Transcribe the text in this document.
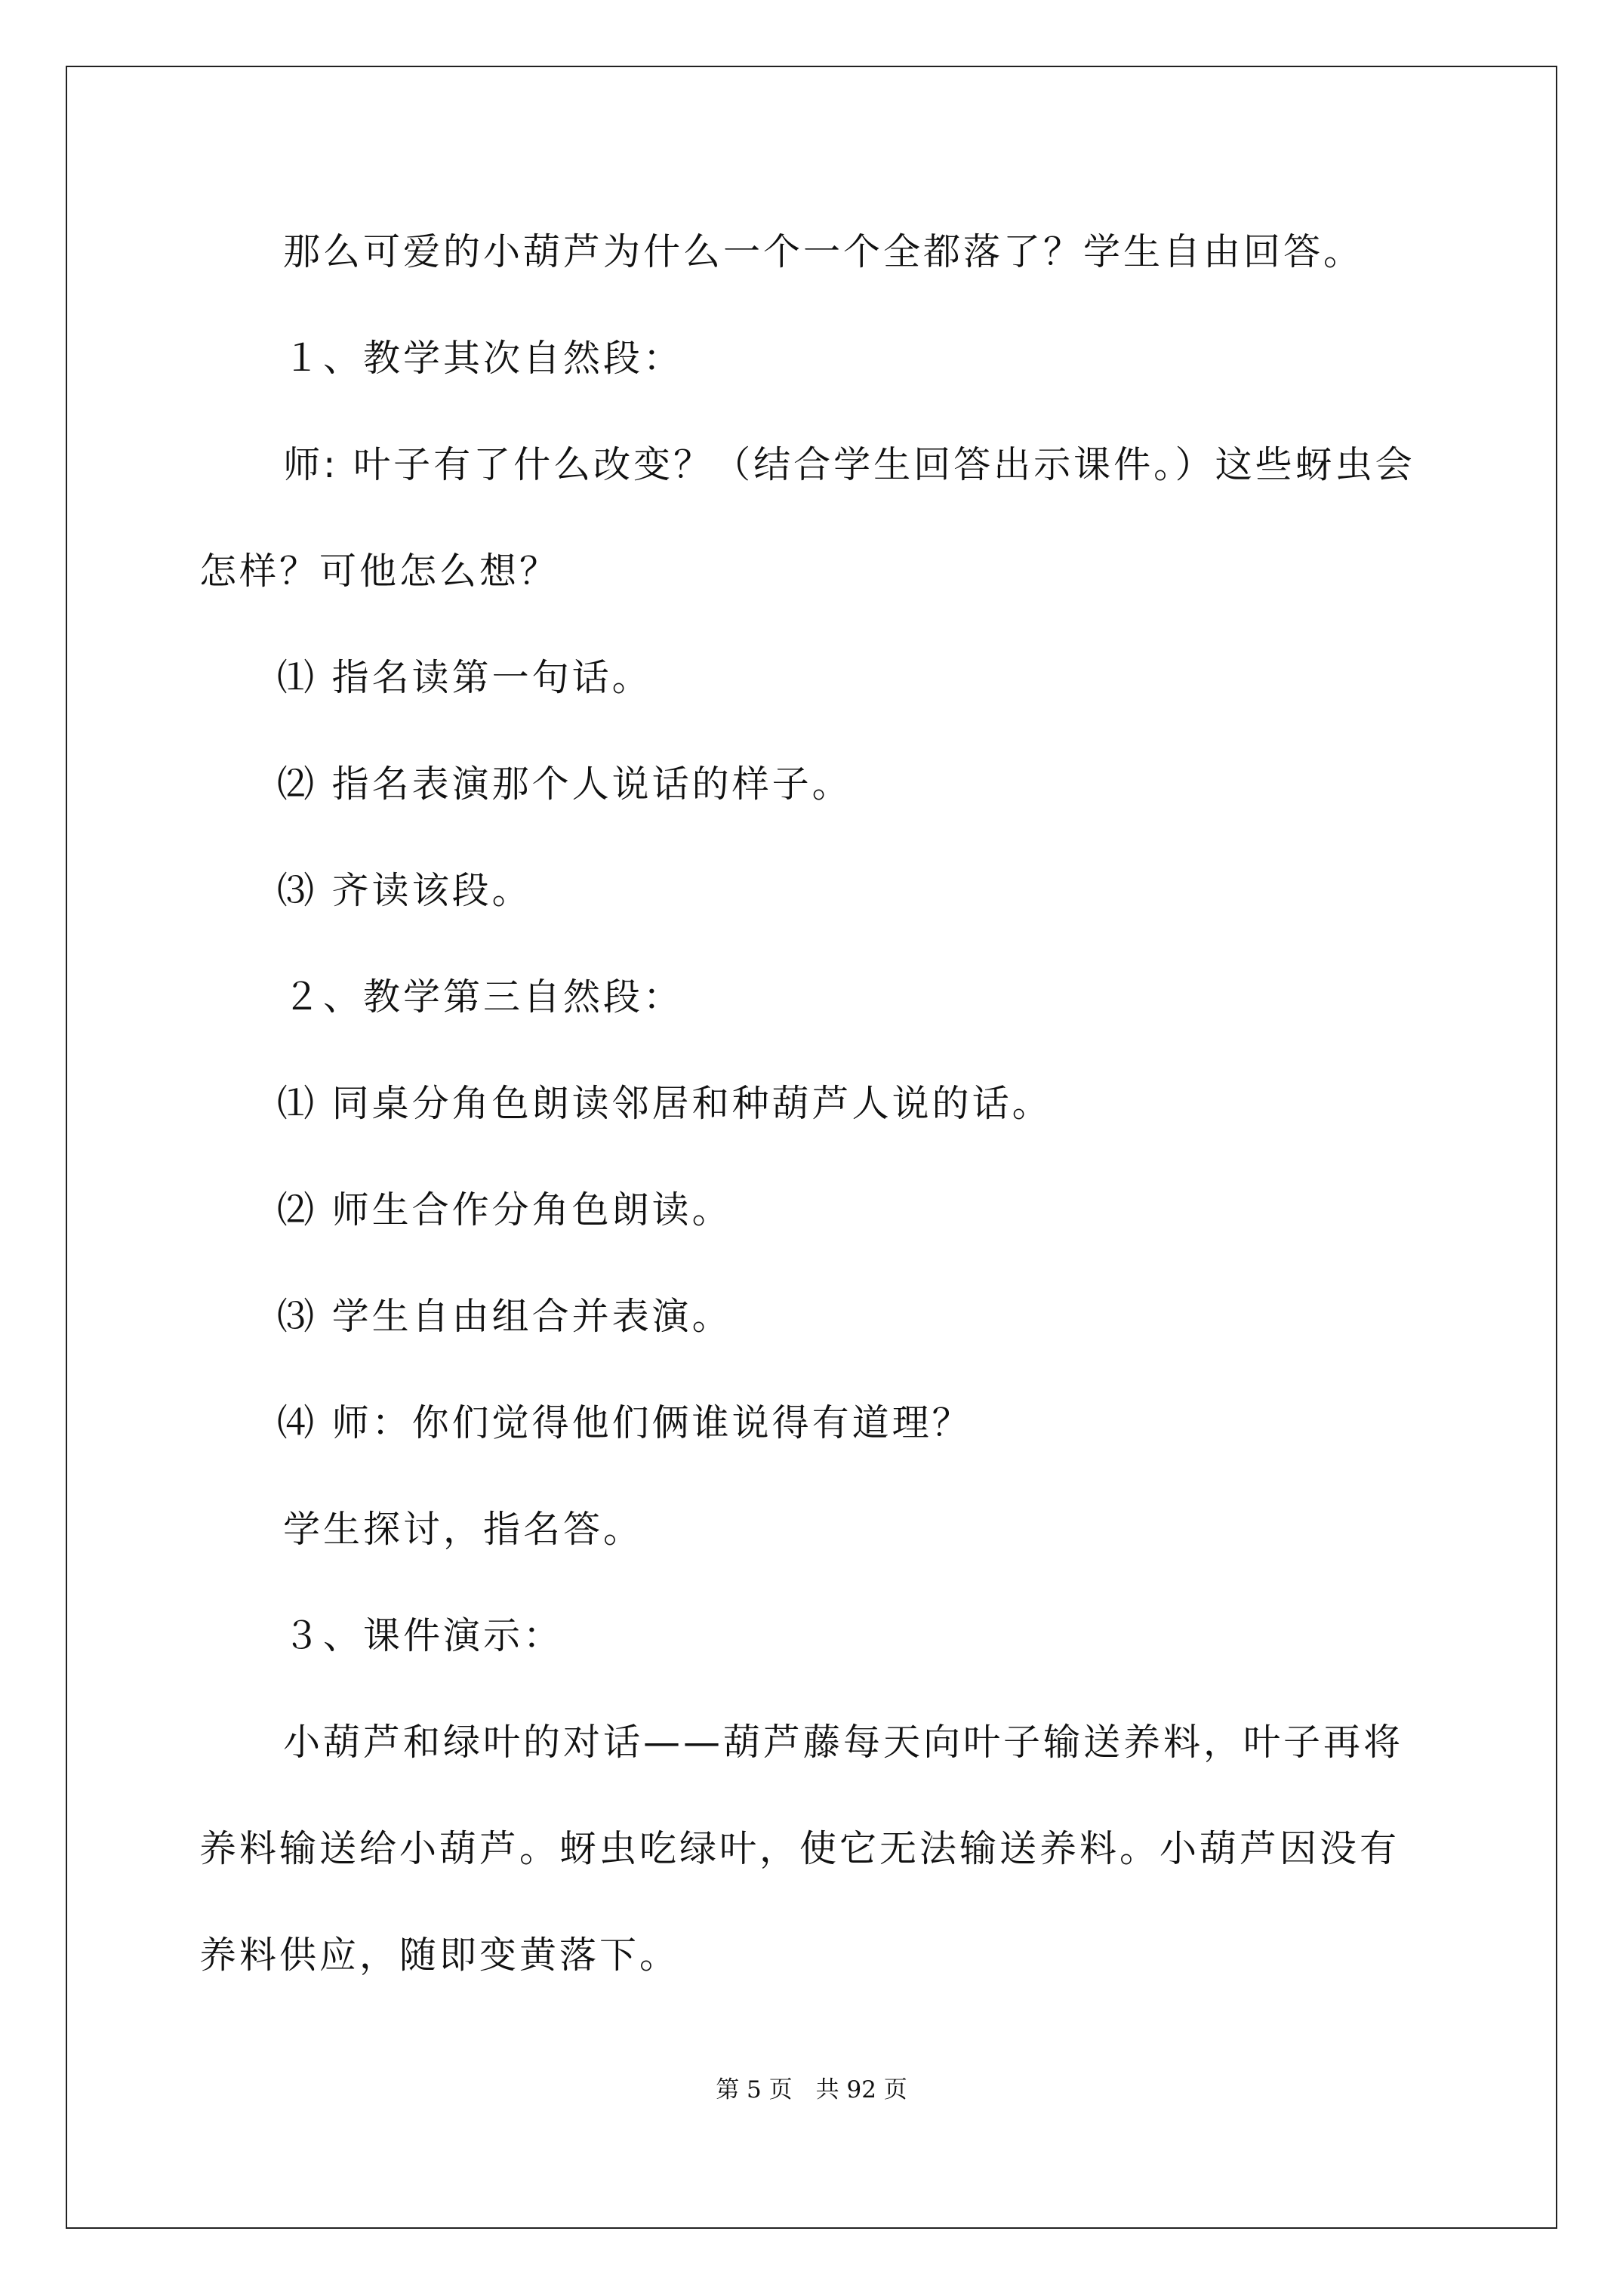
那么可爱的小葫芦为什么一个一个全都落了？学生自由回答。
１、教学其次自然段：
师: 叶子有了什么改变？（结合学生回答出示课件。）这些蚜虫会
怎样？可他怎么想？
⑴ 指名读第一句话。
⑵ 指名表演那个人说话的样子。
⑶ 齐读该段。
２、教学第三自然段：
⑴ 同桌分角色朗读邻居和种葫芦人说的话。
⑵ 师生合作分角色朗读。
⑶ 学生自由组合并表演。
⑷ 师：你们觉得他们俩谁说得有道理？
学生探讨，指名答。
３、课件演示：
小葫芦和绿叶的对话——葫芦藤每天向叶子输送养料，叶子再将
养料输送给小葫芦。蚜虫吃绿叶，使它无法输送养料。小葫芦因没有
养料供应，随即变黄落下。
第 5 页　共 92 页
